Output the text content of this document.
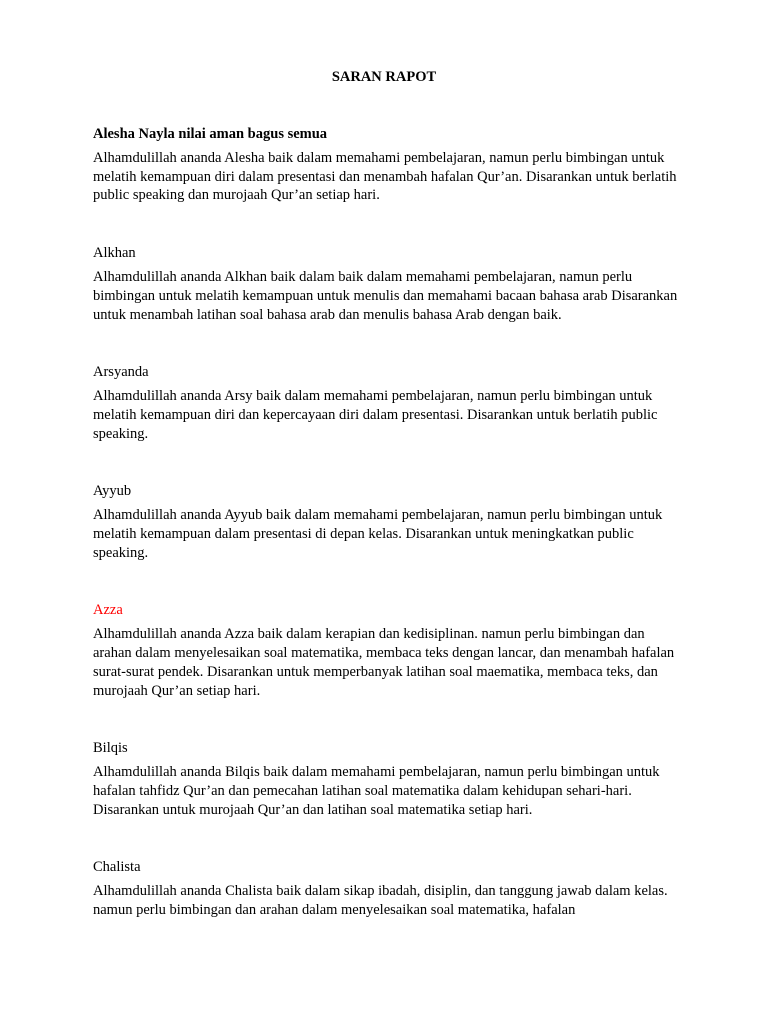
SARAN RAPOT
Alesha Nayla nilai aman bagus semua

Alhamdulillah ananda Alesha baik dalam memahami pembelajaran, namun perlu bimbingan untuk melatih kemampuan diri dalam presentasi dan menambah hafalan Qur’an. Disarankan untuk berlatih public speaking dan murojaah Qur’an setiap hari.

Alkhan

Alhamdulillah ananda Alkhan baik dalam baik dalam memahami pembelajaran, namun perlu bimbingan untuk melatih kemampuan untuk menulis dan memahami bacaan bahasa arab Disarankan untuk menambah latihan soal bahasa arab dan menulis bahasa Arab dengan baik.

Arsyanda

Alhamdulillah ananda Arsy baik dalam memahami pembelajaran, namun perlu bimbingan untuk melatih kemampuan diri dan kepercayaan diri dalam presentasi. Disarankan untuk berlatih public speaking.

Ayyub

Alhamdulillah ananda Ayyub baik dalam memahami pembelajaran, namun perlu bimbingan untuk melatih kemampuan dalam presentasi di depan kelas. Disarankan untuk meningkatkan public speaking.

Azza

Alhamdulillah ananda Azza baik dalam kerapian dan kedisiplinan. namun perlu bimbingan dan arahan dalam menyelesaikan soal matematika, membaca teks dengan lancar, dan menambah hafalan surat-surat pendek. Disarankan untuk memperbanyak latihan soal maematika, membaca teks, dan murojaah Qur’an setiap hari.

Bilqis

Alhamdulillah ananda Bilqis baik dalam memahami pembelajaran, namun perlu bimbingan untuk hafalan tahfidz Qur’an dan pemecahan latihan soal matematika dalam kehidupan sehari-hari. Disarankan untuk murojaah Qur’an dan latihan soal matematika setiap hari.

Chalista

Alhamdulillah ananda Chalista baik dalam sikap ibadah, disiplin, dan tanggung jawab dalam kelas. namun perlu bimbingan dan arahan dalam menyelesaikan soal matematika, hafalan
